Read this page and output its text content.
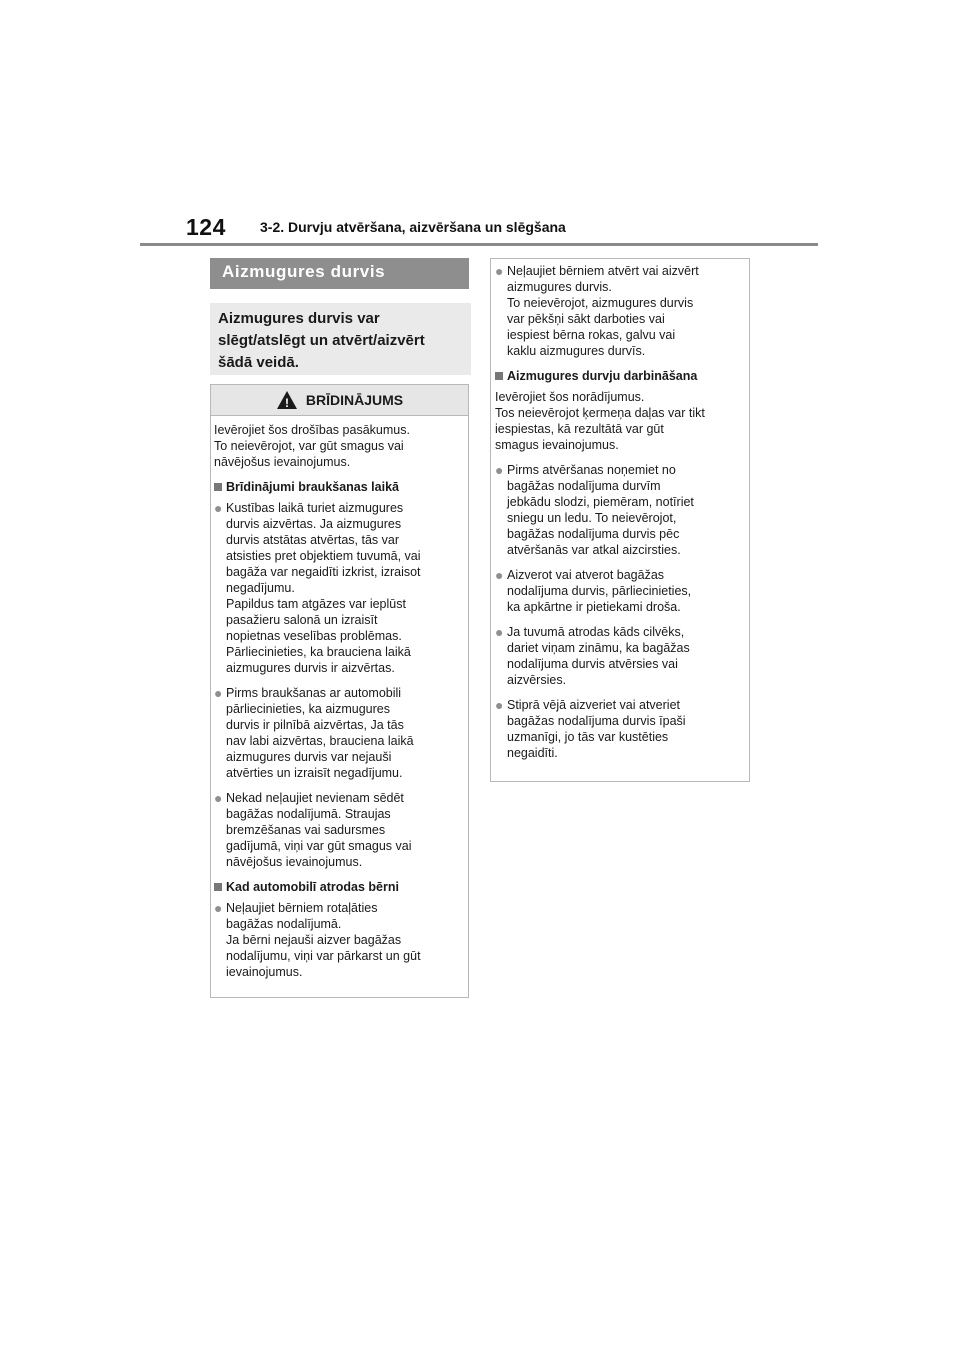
124 3-2. Durvju atvēršana, aizvēršana un slēgšana
Aizmugures durvis

Aizmugures durvis var
slēgt/atslēgt un atvērt/aizvērt
šādā veidā.

! BRĪDINĀJUMS

Ievērojiet šos drošības pasākumus.
To neievērojot, var gūt smagus vai
nāvējošus ievainojumus.

Brīdinājumi braukšanas laikā
● Kustības laikā turiet aizmugures
durvis aizvērtas. Ja aizmugures
durvis atstātas atvērtas, tās var
atsisties pret objektiem tuvumā, vai
bagāža var negaidīti izkrist, izraisot
negadījumu.
Papildus tam atgāzes var ieplūst
pasažieru salonā un izraisīt
nopietnas veselības problēmas.
Pārliecinieties, ka brauciena laikā
aizmugures durvis ir aizvērtas.
● Pirms braukšanas ar automobili
pārliecinieties, ka aizmugures
durvis ir pilnībā aizvērtas, Ja tās
nav labi aizvērtas, brauciena laikā
aizmugures durvis var nejauši
atvērties un izraisīt negadījumu.
● Nekad neļaujiet nevienam sēdēt
bagāžas nodalījumā. Straujas
bremzēšanas vai sadursmes
gadījumā, viņi var gūt smagus vai
nāvējošus ievainojumus.
Kad automobilī atrodas bērni
● Neļaujiet bērniem rotaļāties
bagāžas nodalījumā.
Ja bērni nejauši aizver bagāžas
nodalījumu, viņi var pārkarst un gūt
ievainojumus.
● Neļaujiet bērniem atvērt vai aizvērt
aizmugures durvis.
To neievērojot, aizmugures durvis
var pēkšņi sākt darboties vai
iespiest bērna rokas, galvu vai
kaklu aizmugures durvīs.
Aizmugures durvju darbināšana

Ievērojiet šos norādījumus.
Tos neievērojot ķermeņa daļas var tikt
iespiestas, kā rezultātā var gūt
smagus ievainojumus.

● Pirms atvēršanas noņemiet no
bagāžas nodalījuma durvīm
jebkādu slodzi, piemēram, notīriet
sniegu un ledu. To neievērojot,
bagāžas nodalījuma durvis pēc
atvēršanās var atkal aizcirsties.
● Aizverot vai atverot bagāžas
nodalījuma durvis, pārliecinieties,
ka apkārtne ir pietiekami droša.
● Ja tuvumā atrodas kāds cilvēks,
dariet viņam zināmu, ka bagāžas
nodalījuma durvis atvērsies vai
aizvērsies.
● Stiprā vējā aizveriet vai atveriet
bagāžas nodalījuma durvis īpaši
uzmanīgi, jo tās var kustēties
negaidīti.
